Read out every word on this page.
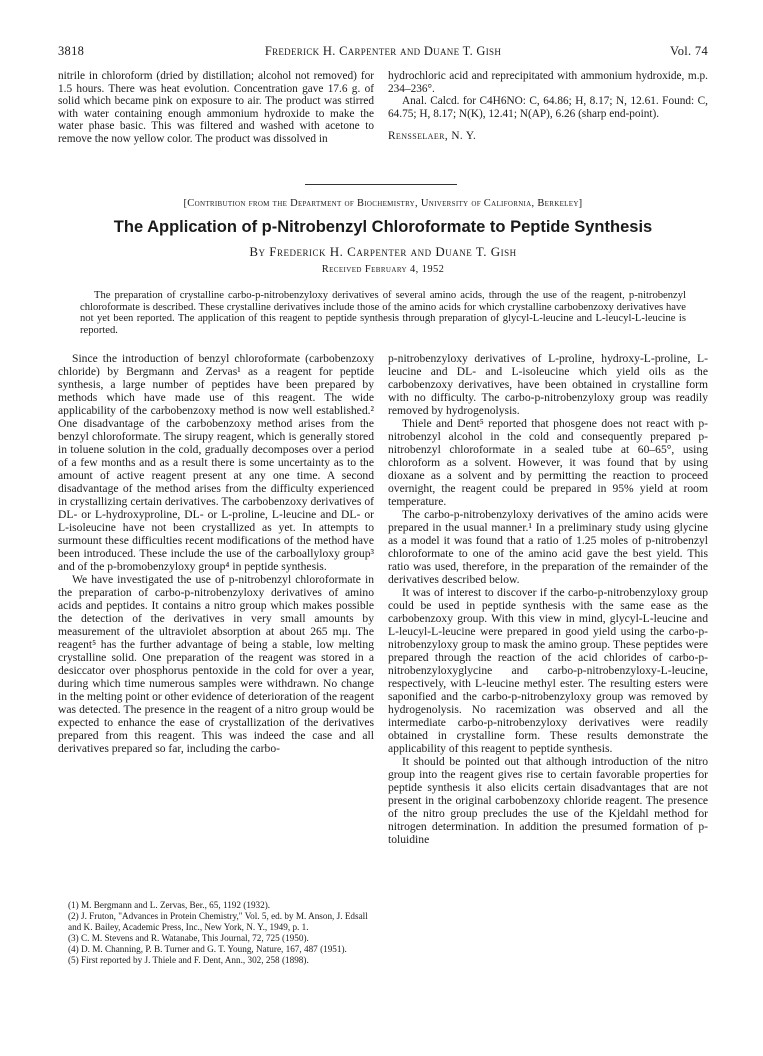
3818	Frederick H. Carpenter and Duane T. Gish	Vol. 74

nitrile in chloroform (dried by distillation; alcohol not removed) for 1.5 hours. There was heat evolution. Concentration gave 17.6 g. of solid which became pink on exposure to air. The product was stirred with water containing enough ammonium hydroxide to make the water phase basic. This was filtered and washed with acetone to remove the now yellow color. The product was dissolved in

hydrochloric acid and reprecipitated with ammonium hydroxide, m.p. 234–236°.

Anal. Calcd. for C4H6NO: C, 64.86; H, 8.17; N, 12.61. Found: C, 64.75; H, 8.17; N(K), 12.41; N(AP), 6.26 (sharp end-point).

Rensselaer, N. Y.

[Contribution from the Department of Biochemistry, University of California, Berkeley]
The Application of p-Nitrobenzyl Chloroformate to Peptide Synthesis
By Frederick H. Carpenter and Duane T. Gish
Received February 4, 1952
The preparation of crystalline carbo-p-nitrobenzyloxy derivatives of several amino acids, through the use of the reagent, p-nitrobenzyl chloroformate is described. These crystalline derivatives include those of the amino acids for which crystalline carbobenzoxy derivatives have not yet been reported. The application of this reagent to peptide synthesis through preparation of glycyl-L-leucine and L-leucyl-L-leucine is reported.

Since the introduction of benzyl chloroformate (carbobenzoxy chloride) by Bergmann and Zervas¹ as a reagent for peptide synthesis, a large number of peptides have been prepared by methods which have made use of this reagent. The wide applicability of the carbobenzoxy method is now well established.² One disadvantage of the carbobenzoxy method arises from the benzyl chloroformate. The sirupy reagent, which is generally stored in toluene solution in the cold, gradually decomposes over a period of a few months and as a result there is some uncertainty as to the amount of active reagent present at any one time. A second disadvantage of the method arises from the difficulty experienced in crystallizing certain derivatives. The carbobenzoxy derivatives of DL- or L-hydroxyproline, DL- or L-proline, L-leucine and DL- or L-isoleucine have not been crystallized as yet. In attempts to surmount these difficulties recent modifications of the method have been introduced. These include the use of the carboallyloxy group³ and of the p-bromobenzyloxy group⁴ in peptide synthesis.

We have investigated the use of p-nitrobenzyl chloroformate in the preparation of carbo-p-nitrobenzyloxy derivatives of amino acids and peptides. It contains a nitro group which makes possible the detection of the derivatives in very small amounts by measurement of the ultraviolet absorption at about 265 mμ. The reagent⁵ has the further advantage of being a stable, low melting crystalline solid. One preparation of the reagent was stored in a desiccator over phosphorus pentoxide in the cold for over a year, during which time numerous samples were withdrawn. No change in the melting point or other evidence of deterioration of the reagent was detected. The presence in the reagent of a nitro group would be expected to enhance the ease of crystallization of the derivatives prepared from this reagent. This was indeed the case and all derivatives prepared so far, including the carbo-

p-nitrobenzyloxy derivatives of L-proline, hydroxy-L-proline, L-leucine and DL- and L-isoleucine which yield oils as the carbobenzoxy derivatives, have been obtained in crystalline form with no difficulty. The carbo-p-nitrobenzyloxy group was readily removed by hydrogenolysis.

Thiele and Dent⁵ reported that phosgene does not react with p-nitrobenzyl alcohol in the cold and consequently prepared p-nitrobenzyl chloroformate in a sealed tube at 60–65°, using chloroform as a solvent. However, it was found that by using dioxane as a solvent and by permitting the reaction to proceed overnight, the reagent could be prepared in 95% yield at room temperature.

The carbo-p-nitrobenzyloxy derivatives of the amino acids were prepared in the usual manner.¹ In a preliminary study using glycine as a model it was found that a ratio of 1.25 moles of p-nitrobenzyl chloroformate to one of the amino acid gave the best yield. This ratio was used, therefore, in the preparation of the remainder of the derivatives described below.

It was of interest to discover if the carbo-p-nitrobenzyloxy group could be used in peptide synthesis with the same ease as the carbobenzoxy group. With this view in mind, glycyl-L-leucine and L-leucyl-L-leucine were prepared in good yield using the carbo-p-nitrobenzyloxy group to mask the amino group. These peptides were prepared through the reaction of the acid chlorides of carbo-p-nitrobenzyloxyglycine and carbo-p-nitrobenzyloxy-L-leucine, respectively, with L-leucine methyl ester. The resulting esters were saponified and the carbo-p-nitrobenzyloxy group was removed by hydrogenolysis. No racemization was observed and all the intermediate carbo-p-nitrobenzyloxy derivatives were readily obtained in crystalline form. These results demonstrate the applicability of this reagent to peptide synthesis.

It should be pointed out that although introduction of the nitro group into the reagent gives rise to certain favorable properties for peptide synthesis it also elicits certain disadvantages that are not present in the original carbobenzoxy chloride reagent. The presence of the nitro group precludes the use of the Kjeldahl method for nitrogen determination. In addition the presumed formation of p-toluidine

(1) M. Bergmann and L. Zervas, Ber., 65, 1192 (1932).
(2) J. Fruton, "Advances in Protein Chemistry," Vol. 5, ed. by M. Anson, J. Edsall and K. Bailey, Academic Press, Inc., New York, N. Y., 1949, p. 1.
(3) C. M. Stevens and R. Watanabe, This Journal, 72, 725 (1950).
(4) D. M. Channing, P. B. Turner and G. T. Young, Nature, 167, 487 (1951).
(5) First reported by J. Thiele and F. Dent, Ann., 302, 258 (1898).
